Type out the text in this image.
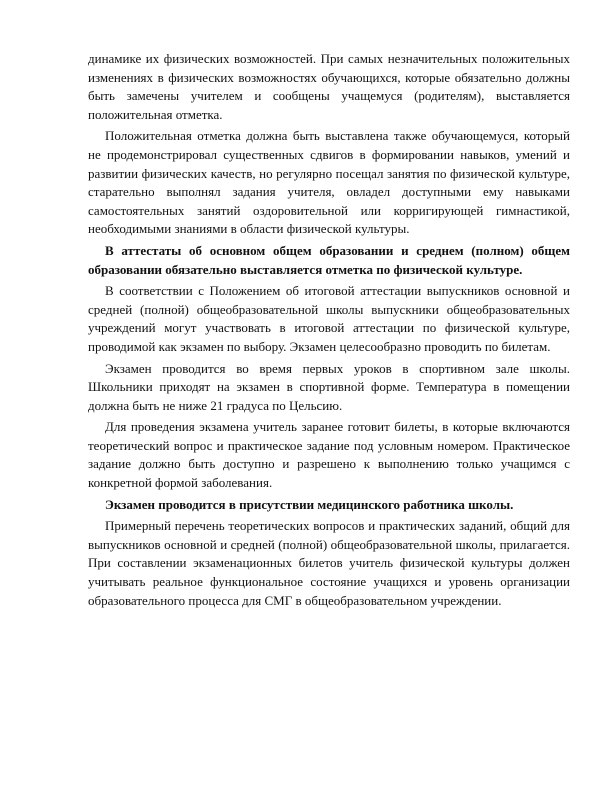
динамике их физических возможностей. При самых незначительных положительных изменениях в физических возможностях обучающихся, которые обязательно должны быть замечены учителем и сообщены учащемуся (родителям), выставляется положительная отметка.

Положительная отметка должна быть выставлена также обучающемуся, который не продемонстрировал существенных сдвигов в формировании навыков, умений и развитии физических качеств, но регулярно посещал занятия по физической культуре, старательно выполнял задания учителя, овладел доступными ему навыками самостоятельных занятий оздоровительной или корригирующей гимнастикой, необходимыми знаниями в области физической культуры.

В аттестаты об основном общем образовании и среднем (полном) общем образовании обязательно выставляется отметка по физической культуре.

В соответствии с Положением об итоговой аттестации выпускников основной и средней (полной) общеобразовательной школы выпускники общеобразовательных учреждений могут участвовать в итоговой аттестации по физической культуре, проводимой как экзамен по выбору. Экзамен целесообразно проводить по билетам.

Экзамен проводится во время первых уроков в спортивном зале школы. Школьники приходят на экзамен в спортивной форме. Температура в помещении должна быть не ниже 21 градуса по Цельсию.

Для проведения экзамена учитель заранее готовит билеты, в которые включаются теоретический вопрос и практическое задание под условным номером. Практическое задание должно быть доступно и разрешено к выполнению только учащимся с конкретной формой заболевания.

Экзамен проводится в присутствии медицинского работника школы.

Примерный перечень теоретических вопросов и практических заданий, общий для выпускников основной и средней (полной) общеобразовательной школы, прилагается. При составлении экзаменационных билетов учитель физической культуры должен учитывать реальное функциональное состояние учащихся и уровень организации образовательного процесса для СМГ в общеобразовательном учреждении.
